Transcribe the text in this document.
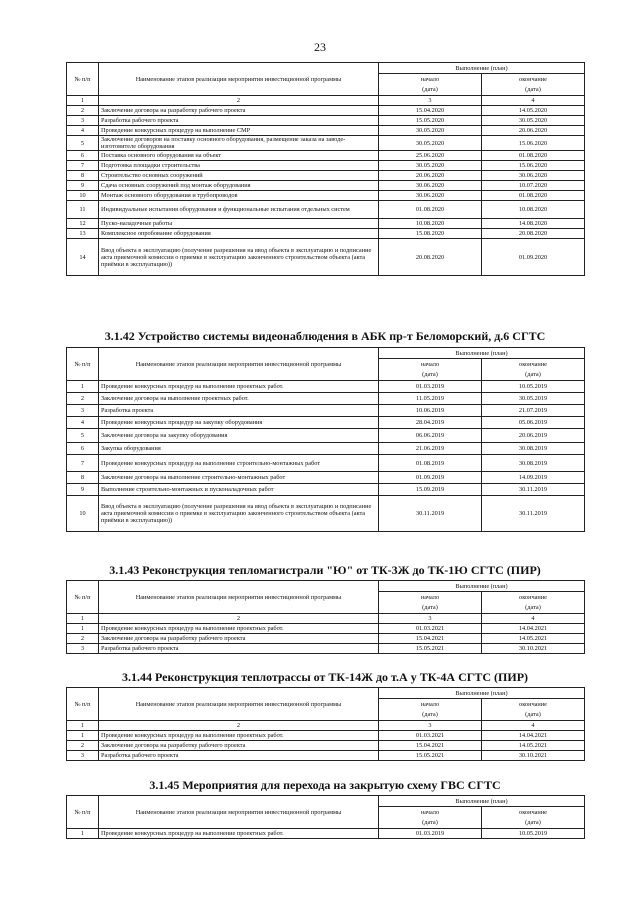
23
№ п/п	Наименование этапов реализации мероприятия инвестиционной программы	Выполнение (план)	
		начало	окончание
		(дата)	(дата)
1	2	3	4
2	Заключение договора на разработку рабочего проекта	15.04.2020	14.05.2020
3	Разработка рабочего проекта	15.05.2020	30.05.2020
4	Проведение конкурсных процедур на выполнение СМР	30.05.2020	20.06.2020
5	Заключение договоров на поставку основного оборудования, размещение заказа на заводе-изготовителе оборудования	30.05.2020	15.06.2020
6	Поставка основного оборудования на объект	25.06.2020	01.08.2020
7	Подготовка площадки строительства	30.05.2020	15.06.2020
8	Строительство основных сооружений	20.06.2020	30.06.2020
9	Сдача основных сооружений под монтаж оборудования	30.06.2020	10.07.2020
10	Монтаж основного оборудования и трубопроводов	30.06.2020	01.08.2020
11	Индивидуальные испытания оборудования и функциональные испытания отдельных систем	01.08.2020	10.08.2020
12	Пуско-наладочные работы	10.08.2020	14.08.2020
13	Комплексное опробование оборудования	15.08.2020	20.08.2020
14	Ввод объекта в эксплуатацию (получение разрешения на ввод объекта в эксплуатацию и подписание акта приемочной комиссии о приемке в эксплуатацию законченного строительством объекта (акта приёмки в эксплуатацию))	20.08.2020	01.09.2020

3.1.42 Устройство системы видеонаблюдения в АБК пр-т Беломорский, д.6 СГТС

№ п/п	Наименование этапов реализации мероприятия инвестиционной программы	Выполнение (план)	
		начало	окончание
		(дата)	(дата)
1	Проведение конкурсных процедур на выполнение проектных работ.	01.03.2019	10.05.2019
2	Заключение договора на выполнение проектных работ.	11.05.2019	30.05.2019
3	Разработка проекта	10.06.2019	21.07.2019
4	Проведение конкурсных процедур на закупку оборудования	28.04.2019	05.06.2019
5	Заключение договора на закупку оборудования	06.06.2019	20.06.2019
6	Закупка оборудования	21.06.2019	30.08.2019
7	Проведение конкурсных процедур на выполнение строительно-монтажных работ	01.08.2019	30.08.2019
8	Заключение договора на выполнение строительно-монтажных работ	01.09.2019	14.09.2019
9	Выполнение строительно-монтажных и пусконаладочных работ	15.09.2019	30.11.2019
10	Ввод объекта в эксплуатацию (получение разрешения на ввод объекта в эксплуатацию и подписание акта приемочной комиссии о приемке в эксплуатацию законченного строительством объекта (акта приёмки в эксплуатацию))	30.11.2019	30.11.2019

3.1.43 Реконструкция тепломагистрали "Ю" от ТК-3Ж до ТК-1Ю СГТС (ПИР)

№ п/п	Наименование этапов реализации мероприятия инвестиционной программы	Выполнение (план)	
		начало	окончание
		(дата)	(дата)
1	2	3	4
1	Проведение конкурсных процедур на выполнение проектных работ.	01.03.2021	14.04.2021
2	Заключение договора на разработку рабочего проекта	15.04.2021	14.05.2021
3	Разработка рабочего проекта	15.05.2021	30.10.2021

3.1.44 Реконструкция теплотрассы от ТК-14Ж до т.А у ТК-4А СГТС (ПИР)

№ п/п	Наименование этапов реализации мероприятия инвестиционной программы	Выполнение (план)	
		начало	окончание
		(дата)	(дата)
1	2	3	4
1	Проведение конкурсных процедур на выполнение проектных работ.	01.03.2021	14.04.2021
2	Заключение договора на разработку рабочего проекта	15.04.2021	14.05.2021
3	Разработка рабочего проекта	15.05.2021	30.10.2021

3.1.45 Мероприятия для перехода на закрытую схему ГВС СГТС

№ п/п	Наименование этапов реализации мероприятия инвестиционной программы	Выполнение (план)	
		начало	окончание
		(дата)	(дата)
1	Проведение конкурсных процедур на выполнение проектных работ.	01.03.2019	10.05.2019
